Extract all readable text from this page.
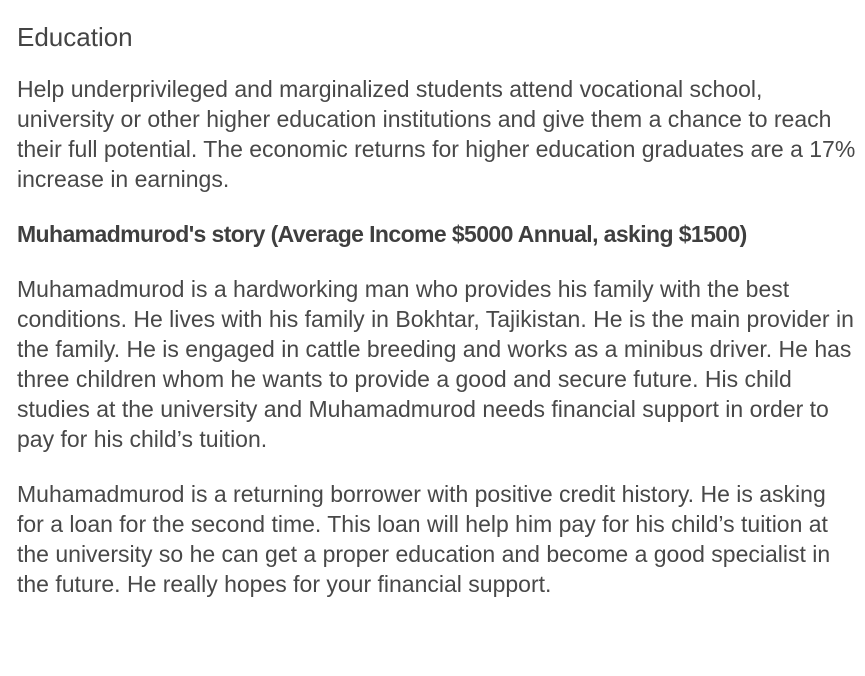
Education

Help underprivileged and marginalized students attend vocational school, university or other higher education institutions and give them a chance to reach their full potential. The economic returns for higher education graduates are a 17% increase in earnings.

Muhamadmurod's story (Average Income $5000 Annual, asking $1500)

Muhamadmurod is a hardworking man who provides his family with the best conditions. He lives with his family in Bokhtar, Tajikistan. He is the main provider in the family. He is engaged in cattle breeding and works as a minibus driver. He has three children whom he wants to provide a good and secure future. His child studies at the university and Muhamadmurod needs financial support in order to pay for his child’s tuition.

Muhamadmurod is a returning borrower with positive credit history. He is asking for a loan for the second time. This loan will help him pay for his child’s tuition at the university so he can get a proper education and become a good specialist in the future. He really hopes for your financial support.
